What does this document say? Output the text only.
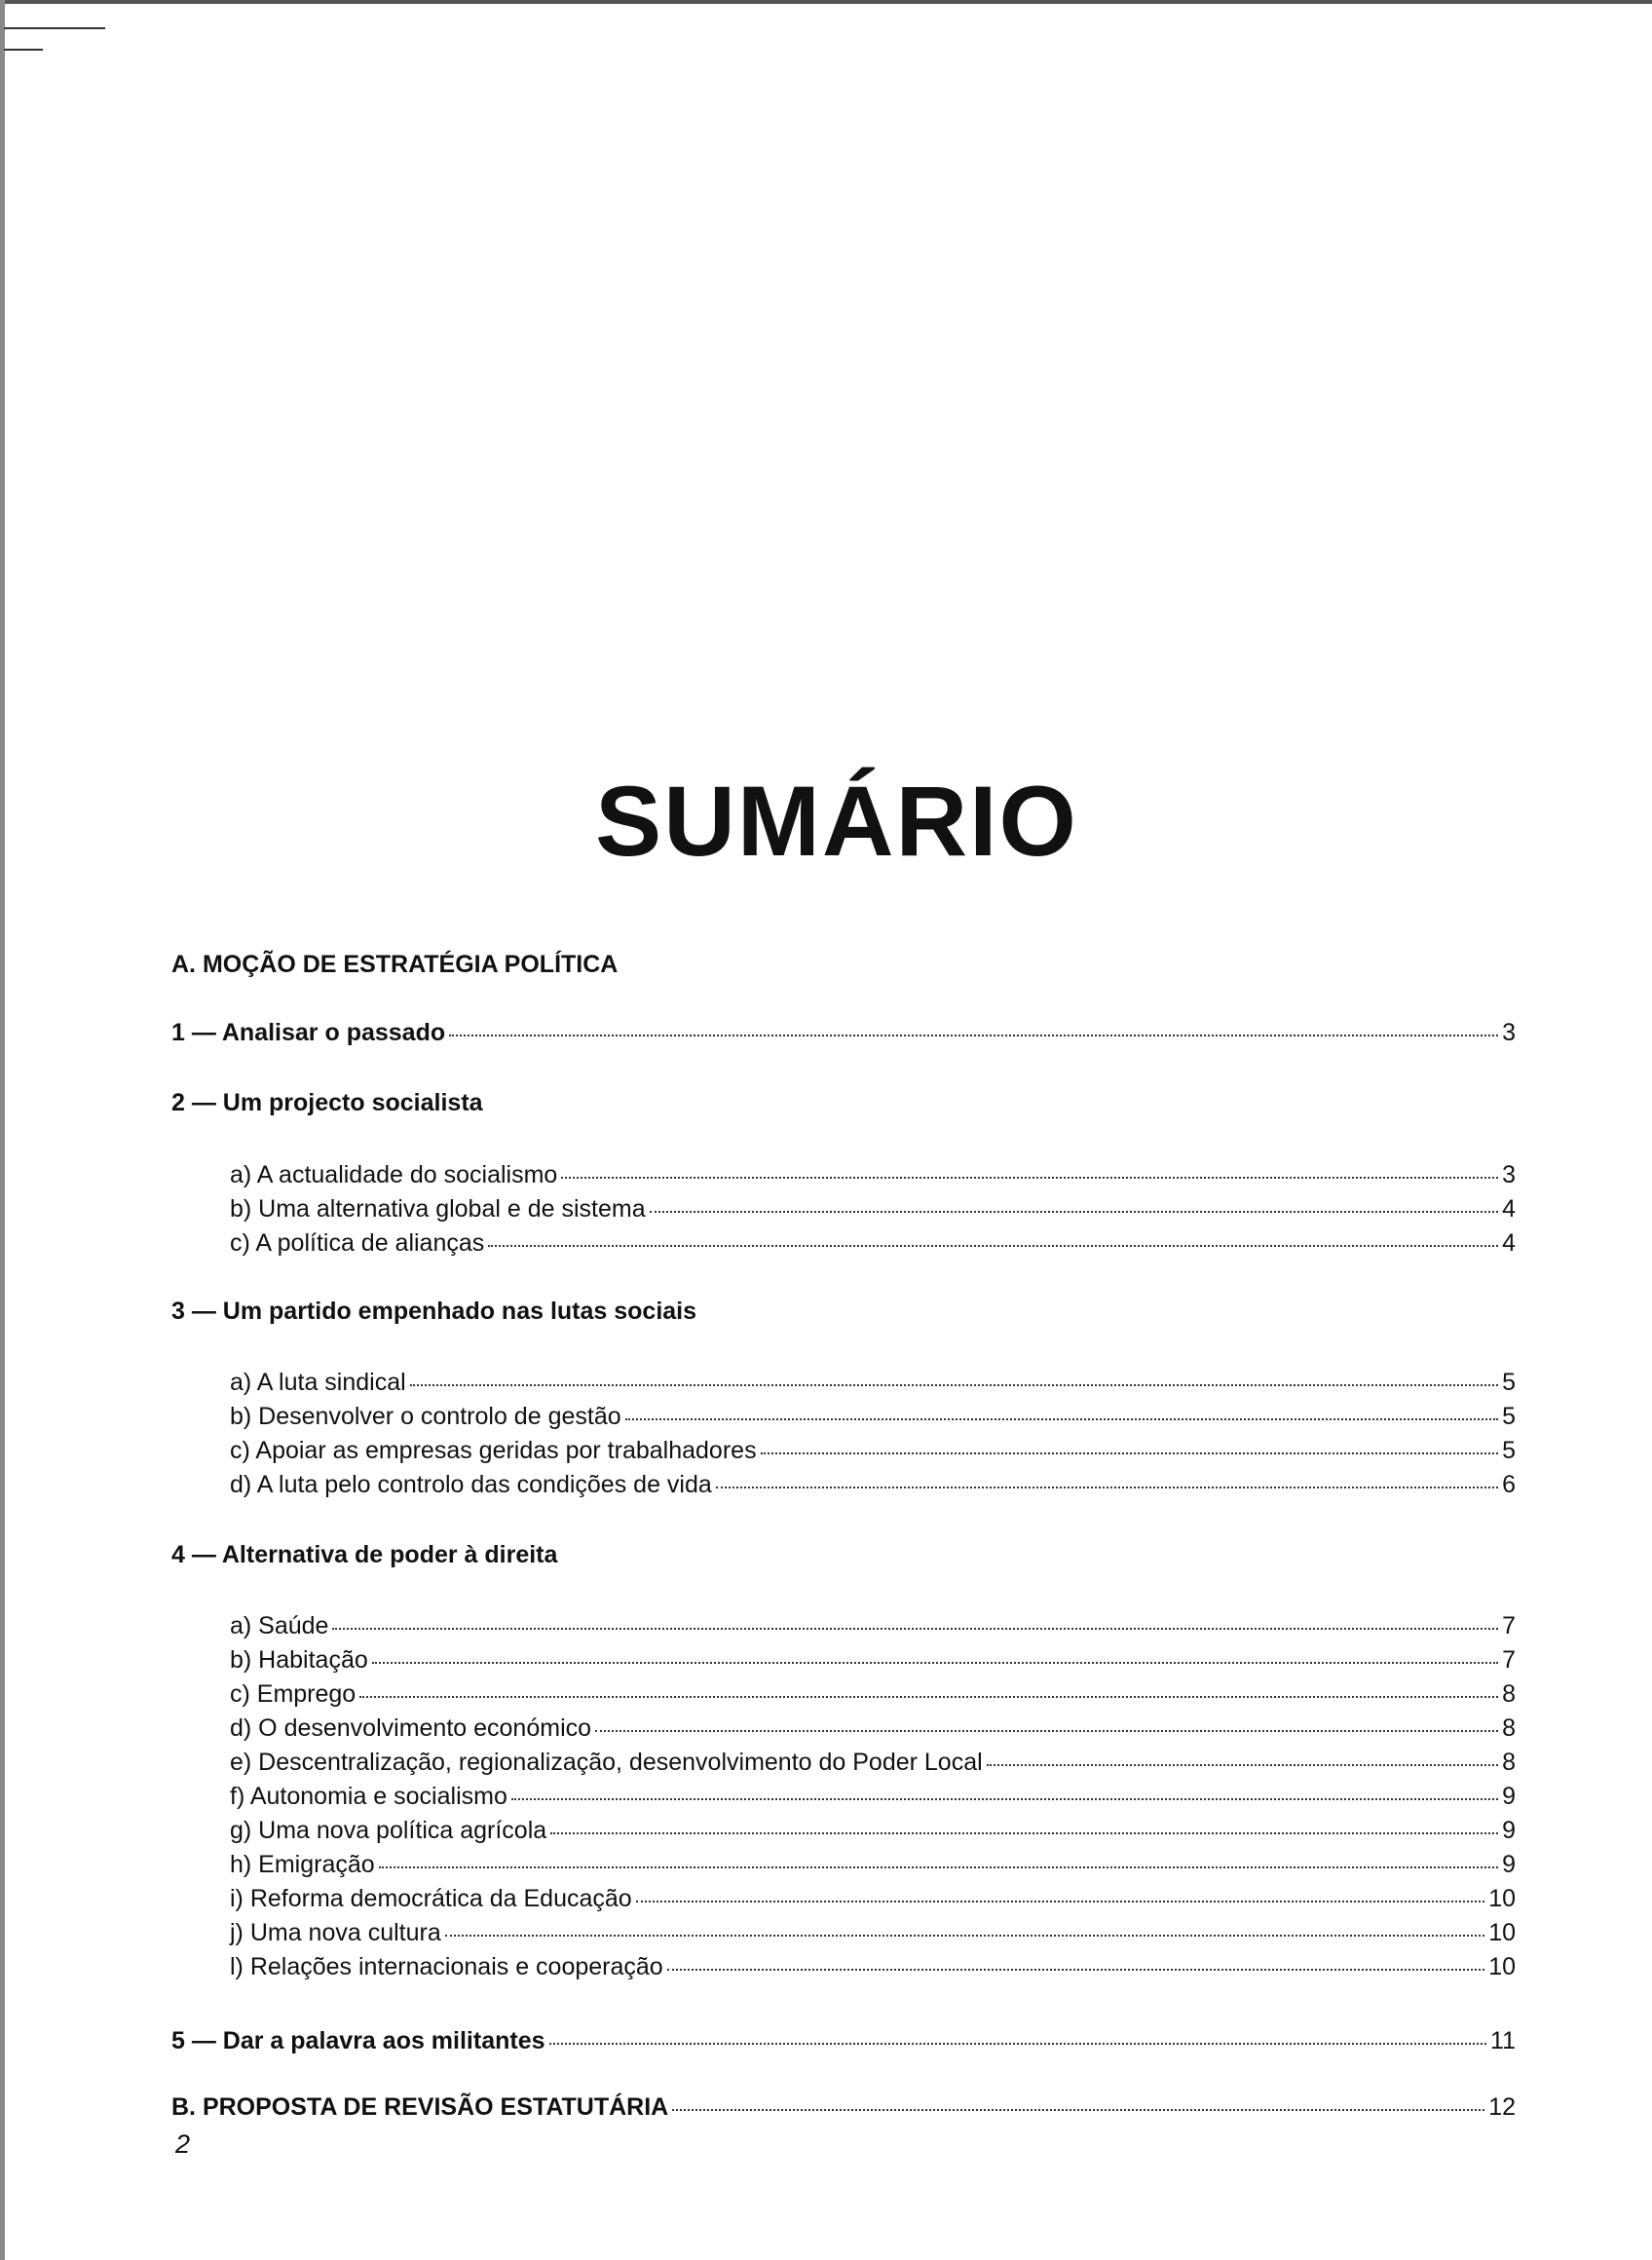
SUMÁRIO
A. MOÇÃO DE ESTRATÉGIA POLÍTICA
1 — Analisar o passado	3
2 — Um projecto socialista
a) A actualidade do socialismo	3
b) Uma alternativa global e de sistema	4
c) A política de alianças	4
3 — Um partido empenhado nas lutas sociais
a) A luta sindical	5
b) Desenvolver o controlo de gestão	5
c) Apoiar as empresas geridas por trabalhadores	5
d) A luta pelo controlo das condições de vida	6
4 — Alternativa de poder à direita
a) Saúde	7
b) Habitação	7
c) Emprego	8
d) O desenvolvimento económico	8
e) Descentralização, regionalização, desenvolvimento do Poder Local	8
f) Autonomia e socialismo	9
g) Uma nova política agrícola	9
h) Emigração	9
i) Reforma democrática da Educação	10
j) Uma nova cultura	10
l) Relações internacionais e cooperação	10
5 — Dar a palavra aos militantes	11
B. PROPOSTA DE REVISÃO ESTATUTÁRIA	12
2
